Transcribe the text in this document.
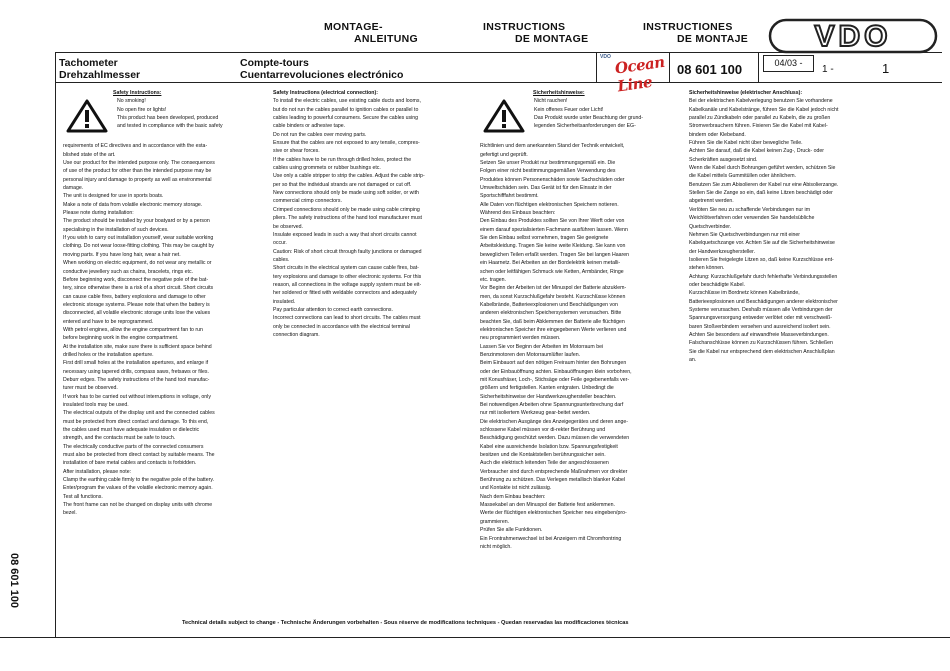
MONTAGE-
ANLEITUNG
INSTRUCTIONS
DE MONTAGE
INSTRUCTIONES
DE MONTAJE VDO
Tachometer
Drehzahlmesser
Compte-tours
Cuentarrevoluciones electrónico
VDO Ocean Line
08 601 100	04/03 -
1 -	1

Safety Instructions:

No smoking!

No open fire or lights!

This product has been developed, produced

and tested in compliance with the basic safety

requirements of EC directives and in accordance with the esta-

blished state of the art.

Use our product for the intended purpose only. The consequences

of use of the product for other than the intended purpose may be

personal injury and damage to property as well as environmental

damage.

The unit is designed for use in sports boats.

Make a note of data from volatile electronic memory storage.

Please note during installation:

The product should be installed by your boatyard or by a person

specialising in the installation of such devices.

If you wish to carry out installation yourself, wear suitable working

clothing. Do not wear loose-fitting clothing. This may be caught by

moving parts. If you have long hair, wear a hair net.

When working on electric equipment, do not wear any metallic or

conductive jewellery such as chains, bracelets, rings etc.

Before beginning work, disconnect the negative pole of the bat-

tery, since otherwise there is a risk of a short circuit. Short circuits

can cause cable fires, battery explosions and damage to other

electronic storage systems. Please note that when the battery is

disconnected, all volatile electronic storage units lose the values

entered and have to be reprogrammed.

With petrol engines, allow the engine compartment fan to run

before beginning work in the engine compartment.

At the installation site, make sure there is sufficient space behind

drilled holes or the installation aperture.

First drill small holes at the installation apertures, and enlarge if

necessary using tapered drills, compass saws, fretsaws or files.

Deburr edges. The safety instructions of the hand tool manufac-

turer must be observed.

If work has to be carried out without interruptions in voltage, only

insulated tools may be used.

The electrical outputs of the display unit and the connected cables

must be protected from direct contact and damage. To this end,

the cables used must have adequate insulation or dielectric

strength, and the contacts must be safe to touch.

The electrically conductive parts of the connected consumers

must also be protected from direct contact by suitable means. The

installation of bare metal cables and contacts is forbidden.

After installation, please note:

Clamp the earthing cable firmly to the negative pole of the battery.

Enter/program the values of the volatile electronic memory again.

Test all functions.

The front frame can not be changed on display units with chrome

bezel.

Safety Instructions (electrical connection):

To install the electric cables, use existing cable ducts and looms,

but do not run the cables parallel to ignition cables or parallel to

cables leading to powerful consumers. Secure the cables using

cable binders or adhesive tape.

Do not run the cables over moving parts.

Ensure that the cables are not exposed to any tensile, compres-

sive or shear forces.

If the cables have to be run through drilled holes, protect the

cables using grommets or rubber bushings etc.

Use only a cable stripper to strip the cables. Adjust the cable strip-

per so that the individual strands are not damaged or cut off.

New connections should only be made using soft solder, or with

commercial crimp connectors.

Crimped connections should only be made using cable crimping

pliers. The safety instructions of the hand tool manufacturer must

be observed.

Insulate exposed leads in such a way that short circuits cannot

occur.

Caution: Risk of short circuit through faulty junctions or damaged

cables.

Short circuits in the electrical system can cause cable fires, bat-

tery explosions and damage to other electronic systems. For this

reason, all connections in the voltage supply system must be eit-

her soldered or fitted with weldable connectors and adequately

insulated.

Pay particular attention to correct earth connections.

Incorrect connections can lead to short circuits. The cables must

only be connected in accordance with the electrical terminal

connection diagram.

Sicherheitshinweise:

Nicht rauchen!

Kein offenes Feuer oder Licht!

Das Produkt wurde unter Beachtung der grund-

legenden Sicherheitsanforderungen der EG-

Richtlinien und dem anerkannten Stand der Technik entwickelt,

gefertigt und geprüft.

Setzen Sie unser Produkt nur bestimmungsgemäß ein. Die

Folgen einer nicht bestimmungsgemäßen Verwendung des

Produktes können Personenschäden sowie Sachschäden oder

Umweltschäden sein. Das Gerät ist für den Einsatz in der

Sportschifffahrt bestimmt.

Alle Daten von flüchtigen elektronischen Speichern notieren.

Während des Einbaus beachten:

Den Einbau des Produktes sollten Sie von Ihrer Werft oder von

einem darauf spezialisierten Fachmann ausführen lassen. Wenn

Sie den Einbau selbst vornehmen, tragen Sie geeignete

Arbeitskleidung. Tragen Sie keine weite Kleidung. Sie kann von

beweglichen Teilen erfaßt werden. Tragen Sie bei langen Haaren

ein Haarnetz. Bei Arbeiten an der Bordelektrik keinen metalli-

schen oder leitfähigen Schmuck wie Ketten, Armbänder, Ringe

etc. tragen.

Vor Beginn der Arbeiten ist der Minuspol der Batterie abzuklem-

men, da sonst Kurzschlußgefahr besteht. Kurzschlüsse können

Kabelbrände, Batterieexplosionen und Beschädigungen von

anderen elektronischen Speichersystemen verursachen. Bitte

beachten Sie, daß beim Abklemmen der Batterie alle flüchtigen

elektronischen Speicher ihre eingegebenen Werte verlieren und

neu programmiert werden müssen.

Lassen Sie vor Beginn der Arbeiten im Motorraum bei

Benzinmotoren den Motorraumlüfter laufen.

Beim Einbauort auf den nötigen Freiraum hinter den Bohrungen

oder der Einbauöffnung achten. Einbauöffnungen klein vorbohren,

mit Konusfräser, Loch-, Stichsäge oder Feile gegebenenfalls ver-

größern und fertigstellen. Kanten entgraten. Unbedingt die

Sicherheitshinweise der Handwerkzeughersteller beachten.

Bei notwendigen Arbeiten ohne Spannungsunterbrechung darf

nur mit isoliertem Werkzeug gear-beitet werden.

Die elektrischen Ausgänge des Anzeigegerätes und deren ange-

schlossene Kabel müssen vor di-rekter Berührung und

Beschädigung geschützt werden. Dazu müssen die verwendeten

Kabel eine ausreichende Isolation bzw. Spannungsfestigkeit

besitzen und die Kontaktstellen berührungssicher sein.

Auch die elektrisch leitenden Teile der angeschlossenen

Verbraucher sind durch entsprechende Maßnahmen vor direkter

Berührung zu schützen. Das Verlegen metallisch blanker Kabel

und Kontakte ist nicht zulässig.

Nach dem Einbau beachten:

Massekabel an den Minuspol der Batterie fest anklemmen.

Werte der flüchtigen elektronischen Speicher neu eingeben/pro-

grammieren.

Prüfen Sie alle Funktionen.

Ein Frontrahmenwechsel ist bei Anzeigern mit Chromfrontring

nicht möglich.

Sicherheitshinweise (elektrischer Anschluss):

Bei der elektrischen Kabelverlegung benutzen Sie vorhandene

Kabelkanäle und Kabelstränge, führen Sie die Kabel jedoch nicht

parallel zu Zündkabeln oder parallel zu Kabeln, die zu großen

Stromverbrauchern führen. Fixieren Sie die Kabel mit Kabel-

bindern oder Klebeband.

Führen Sie die Kabel nicht über bewegliche Teile.

Achten Sie darauf, daß die Kabel keinen Zug-, Druck- oder

Scherkräften ausgesetzt sind.

Wenn die Kabel durch Bohrungen geführt werden, schützen Sie

die Kabel mittels Gummitüllen oder ähnlichem.

Benutzen Sie zum Abisolieren der Kabel nur eine Abisolierzange.

Stellen Sie die Zange so ein, daß keine Litzen beschädigt oder

abgetrennt werden.

Verlöten Sie neu zu schaffende Verbindungen nur im

Weichlötverfahren oder verwenden Sie handelsübliche

Quetschverbinder.

Nehmen Sie Quetschverbindungen nur mit einer

Kabelquetschzange vor. Achten Sie auf die Sicherheitshinweise

der Handwerkzeughersteller.

Isolieren Sie freigelegte Litzen so, daß keine Kurzschlüsse ent-

stehen können.

Achtung: Kurzschlußgefahr durch fehlerhafte Verbindungsstellen

oder beschädigte Kabel.

Kurzschlüsse im Bordnetz können Kabelbrände,

Batterieexplosionen und Beschädigungen anderer elektronischer

Systeme verursachen. Deshalb müssen alle Verbindungen der

Spannungsversorgung entweder verlötet oder mit verschweiß-

baren Stoßverbindern versehen und ausreichend isoliert sein.

Achten Sie besonders auf einwandfreie Masseverbindungen.

Falschanschlüsse können zu Kurzschlüssen führen. Schließen

Sie die Kabel nur entsprechend dem elektrischen Anschlußplan

an.

08 601 100
Technical details subject to change - Technische Änderungen vorbehalten - Sous réserve de modifications techniques - Quedan reservadas las modificaciones técnicas
